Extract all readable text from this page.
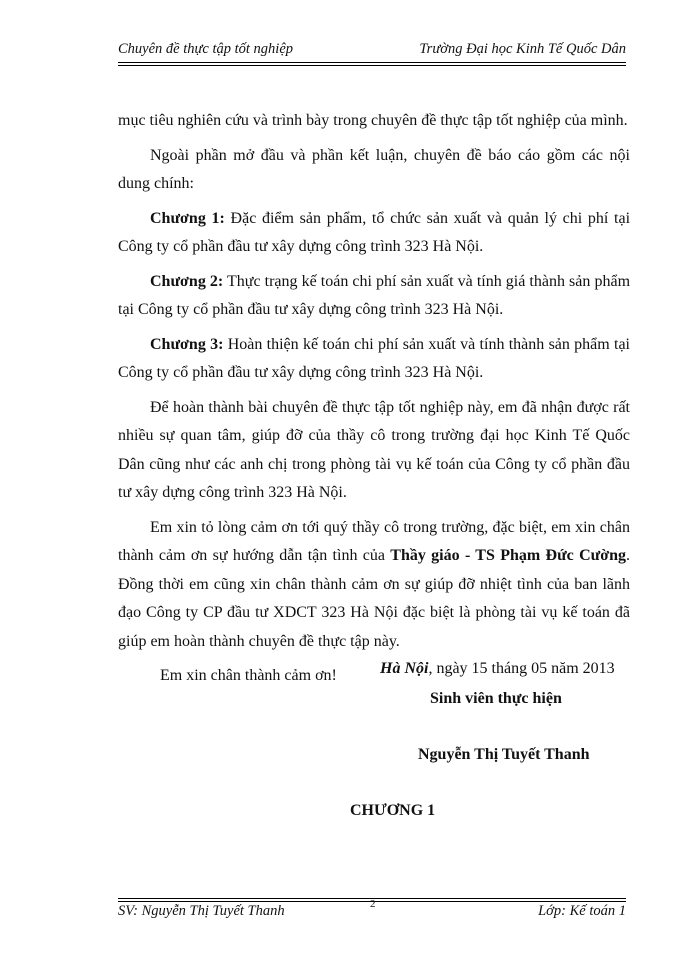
Chuyên đề thực tập tốt nghiệp	Trường Đại học Kinh Tế Quốc Dân

mục tiêu nghiên cứu và trình bày trong chuyên đề thực tập tốt nghiệp của mình.

Ngoài phần mở đầu và phần kết luận, chuyên đề báo cáo gồm các nội dung chính:

Chương 1: Đặc điểm sản phẩm, tổ chức sản xuất và quản lý chi phí tại Công ty cổ phần đầu tư xây dựng công trình 323 Hà Nội.

Chương 2: Thực trạng kế toán chi phí sản xuất và tính giá thành sản phẩm tại Công ty cổ phần đầu tư xây dựng công trình 323 Hà Nội.

Chương 3: Hoàn thiện kế toán chi phí sản xuất và tính thành sản phẩm tại Công ty cổ phần đầu tư xây dựng công trình 323 Hà Nội.

Để hoàn thành bài chuyên đề thực tập tốt nghiệp này, em đã nhận được rất nhiều sự quan tâm, giúp đỡ của thầy cô trong trường đại học Kinh Tế Quốc Dân cũng như các anh chị trong phòng tài vụ kế toán của Công ty cổ phần đầu tư xây dựng công trình 323 Hà Nội.

Em xin tỏ lòng cảm ơn tới quý thầy cô trong trường, đặc biệt, em xin chân thành cảm ơn sự hướng dẫn tận tình của Thầy giáo - TS Phạm Đức Cường. Đồng thời em cũng xin chân thành cảm ơn sự giúp đỡ nhiệt tình của ban lãnh đạo Công ty CP đầu tư XDCT 323 Hà Nội đặc biệt là phòng tài vụ kế toán đã giúp em hoàn thành chuyên đề thực tập này.

Em xin chân thành cảm ơn!	Hà Nội, ngày 15 tháng 05 năm 2013
Sinh viên thực hiện
Nguyễn Thị Tuyết Thanh
CHƯƠNG 1
2
SV: Nguyễn Thị Tuyết Thanh	Lớp: Kế toán 1
